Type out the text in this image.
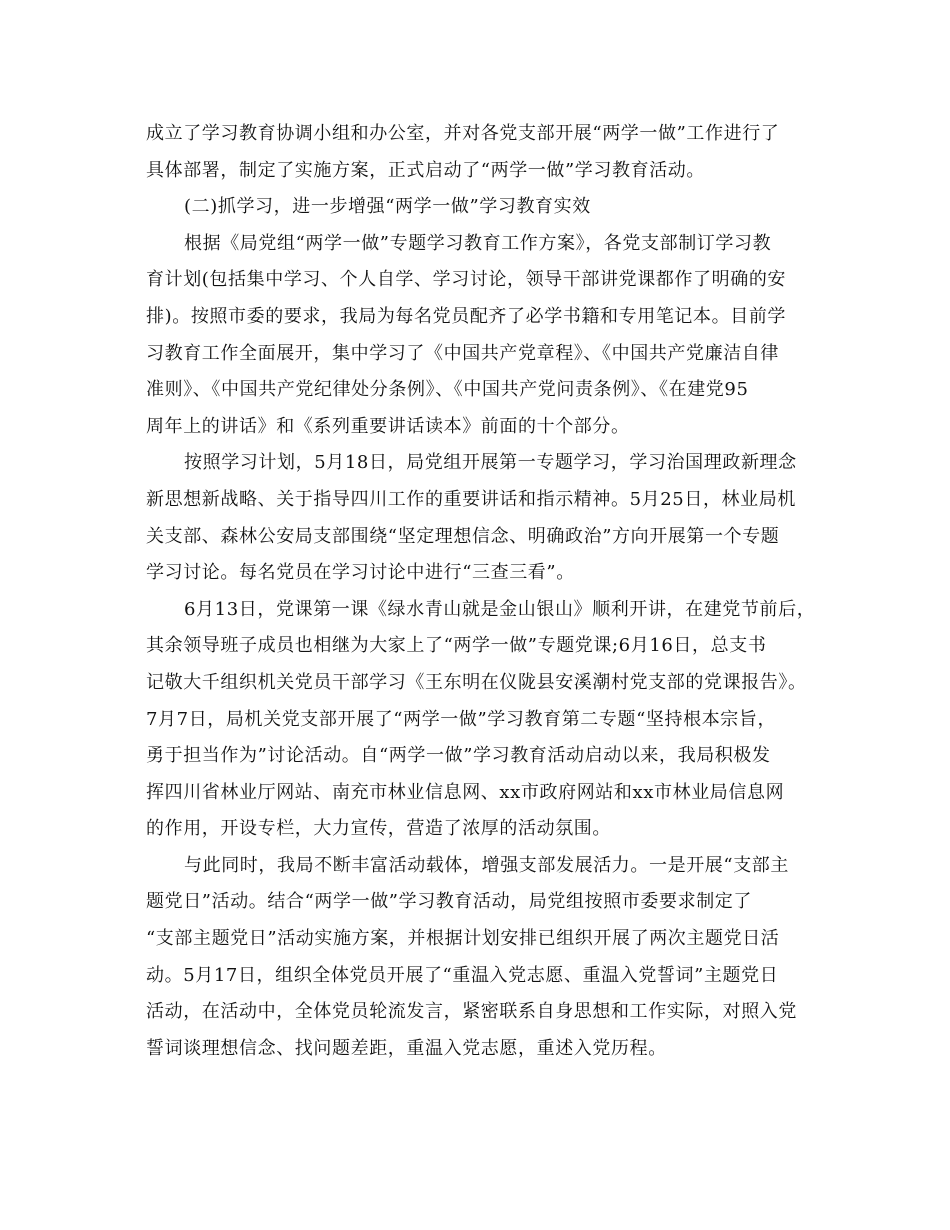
成立了学习教育协调小组和办公室，并对各党支部开展“两学一做”工作进行了
具体部署，制定了实施方案，正式启动了“两学一做”学习教育活动。
(二)抓学习，进一步增强“两学一做”学习教育实效
根据《局党组“两学一做”专题学习教育工作方案》，各党支部制订学习教
育计划(包括集中学习、个人自学、学习讨论，领导干部讲党课都作了明确的安
排)。按照市委的要求，我局为每名党员配齐了必学书籍和专用笔记本。目前学
习教育工作全面展开，集中学习了《中国共产党章程》、《中国共产党廉洁自律
准则》、《中国共产党纪律处分条例》、《中国共产党问责条例》、《在建党95
周年上的讲话》和《系列重要讲话读本》前面的十个部分。
按照学习计划，5月18日，局党组开展第一专题学习，学习治国理政新理念
新思想新战略、关于指导四川工作的重要讲话和指示精神。5月25日，林业局机
关支部、森林公安局支部围绕“坚定理想信念、明确政治”方向开展第一个专题
学习讨论。每名党员在学习讨论中进行“三查三看”。
6月13日，党课第一课《绿水青山就是金山银山》顺利开讲，在建党节前后，
其余领导班子成员也相继为大家上了“两学一做”专题党课;6月16日，总支书
记敬大千组织机关党员干部学习《王东明在仪陇县安溪潮村党支部的党课报告》。
7月7日，局机关党支部开展了“两学一做”学习教育第二专题“坚持根本宗旨，
勇于担当作为”讨论活动。自“两学一做”学习教育活动启动以来，我局积极发
挥四川省林业厅网站、南充市林业信息网、xx市政府网站和xx市林业局信息网
的作用，开设专栏，大力宣传，营造了浓厚的活动氛围。
与此同时，我局不断丰富活动载体，增强支部发展活力。一是开展“支部主
题党日”活动。结合“两学一做”学习教育活动，局党组按照市委要求制定了
“支部主题党日”活动实施方案，并根据计划安排已组织开展了两次主题党日活
动。5月17日，组织全体党员开展了“重温入党志愿、重温入党誓词”主题党日
活动，在活动中，全体党员轮流发言，紧密联系自身思想和工作实际，对照入党
誓词谈理想信念、找问题差距，重温入党志愿，重述入党历程。
